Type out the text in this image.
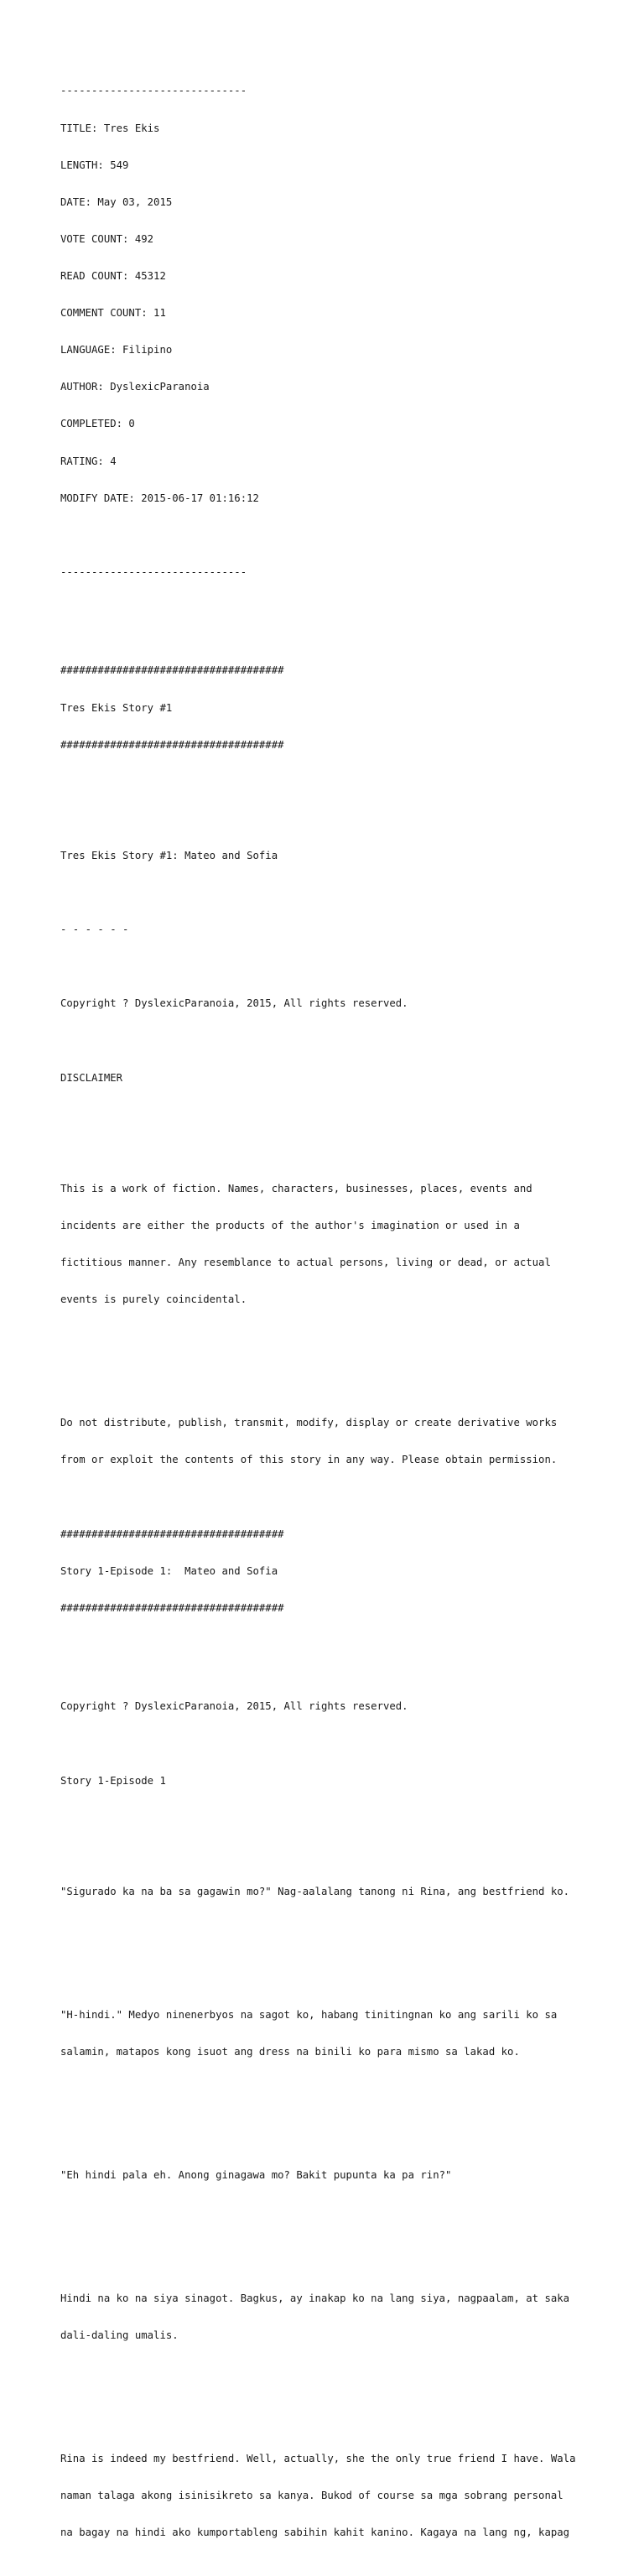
------------------------------

TITLE: Tres Ekis

LENGTH: 549

DATE: May 03, 2015

VOTE COUNT: 492

READ COUNT: 45312

COMMENT COUNT: 11

LANGUAGE: Filipino

AUTHOR: DyslexicParanoia

COMPLETED: 0

RATING: 4

MODIFY DATE: 2015-06-17 01:16:12

------------------------------

####################################

Tres Ekis Story #1

####################################

Tres Ekis Story #1: Mateo and Sofia

- - - - - -

Copyright ? DyslexicParanoia, 2015, All rights reserved.

DISCLAIMER

This is a work of fiction. Names, characters, businesses, places, events and

incidents are either the products of the author's imagination or used in a

fictitious manner. Any resemblance to actual persons, living or dead, or actual

events is purely coincidental.

Do not distribute, publish, transmit, modify, display or create derivative works

from or exploit the contents of this story in any way. Please obtain permission.

####################################

Story 1-Episode 1:  Mateo and Sofia

####################################

Copyright ? DyslexicParanoia, 2015, All rights reserved.

Story 1-Episode 1

"Sigurado ka na ba sa gagawin mo?" Nag-aalalang tanong ni Rina, ang bestfriend ko.

"H-hindi." Medyo ninenerbyos na sagot ko, habang tinitingnan ko ang sarili ko sa

salamin, matapos kong isuot ang dress na binili ko para mismo sa lakad ko.

"Eh hindi pala eh. Anong ginagawa mo? Bakit pupunta ka pa rin?"

Hindi na ko na siya sinagot. Bagkus, ay inakap ko na lang siya, nagpaalam, at saka

dali-daling umalis.

Rina is indeed my bestfriend. Well, actually, she the only true friend I have. Wala

naman talaga akong isinisikreto sa kanya. Bukod of course sa mga sobrang personal

na bagay na hindi ako kumportableng sabihin kahit kanino. Kagaya na lang ng, kapag
